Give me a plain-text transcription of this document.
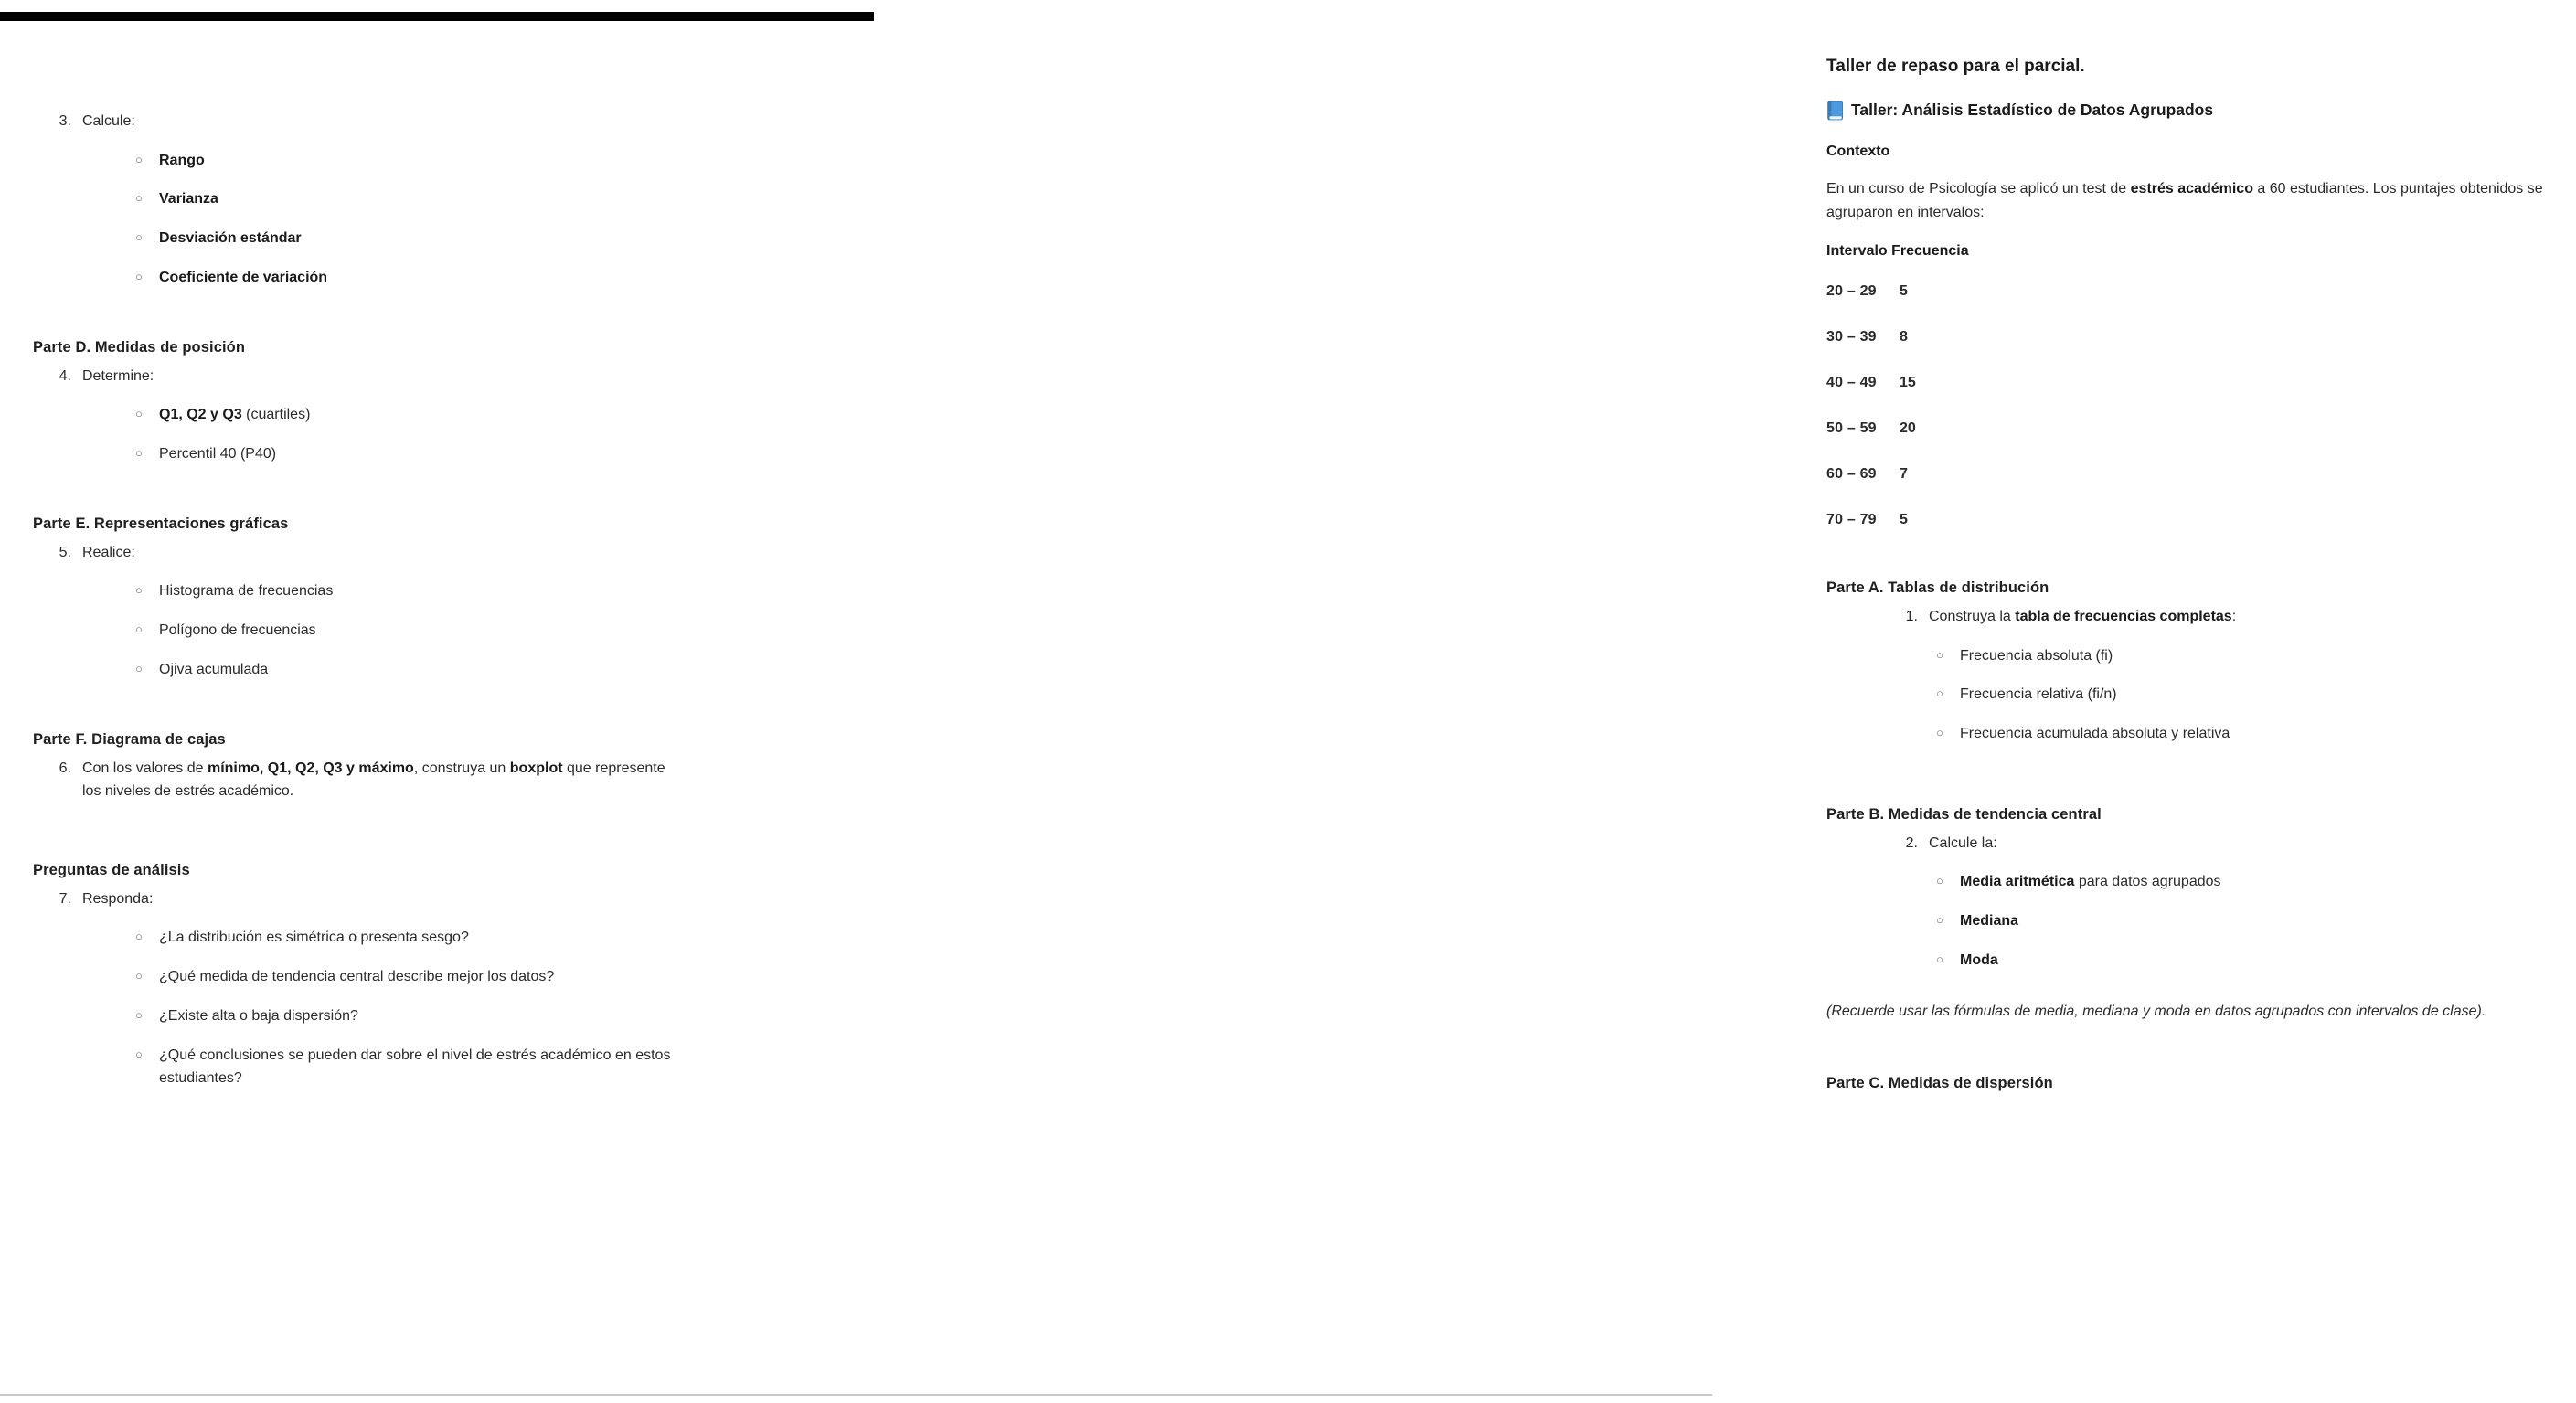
3. Calcule:
○	Rango
○	Varianza
○	Desviación estándar
○	Coeficiente de variación
Parte D. Medidas de posición
4. Determine:
○	Q1, Q2 y Q3 (cuartiles)
○	Percentil 40 (P40)
Parte E. Representaciones gráficas
5. Realice:
○	Histograma de frecuencias
○	Polígono de frecuencias
○	Ojiva acumulada
Parte F. Diagrama de cajas
6. Con los valores de mínimo, Q1, Q2, Q3 y máximo, construya un boxplot que represente los niveles de estrés académico.
Preguntas de análisis
7. Responda:
○	¿La distribución es simétrica o presenta sesgo?
○	¿Qué medida de tendencia central describe mejor los datos?
○	¿Existe alta o baja dispersión?
○	¿Qué conclusiones se pueden dar sobre el nivel de estrés académico en estos estudiantes?
Taller de repaso para el parcial.
Taller: Análisis Estadístico de Datos Agrupados
Contexto
En un curso de Psicología se aplicó un test de estrés académico a 60 estudiantes. Los puntajes obtenidos se agruparon en intervalos:
Intervalo Frecuencia
20 – 29	5
30 – 39	8
40 – 49	15
50 – 59	20
60 – 69	7
70 – 79	5
Parte A. Tablas de distribución
1. Construya la tabla de frecuencias completas:
○	Frecuencia absoluta (fi)
○	Frecuencia relativa (fi/n)
○	Frecuencia acumulada absoluta y relativa
Parte B. Medidas de tendencia central
2. Calcule la:
○	Media aritmética para datos agrupados
○	Mediana
○	Moda
(Recuerde usar las fórmulas de media, mediana y moda en datos agrupados con intervalos de clase).
Parte C. Medidas de dispersión
